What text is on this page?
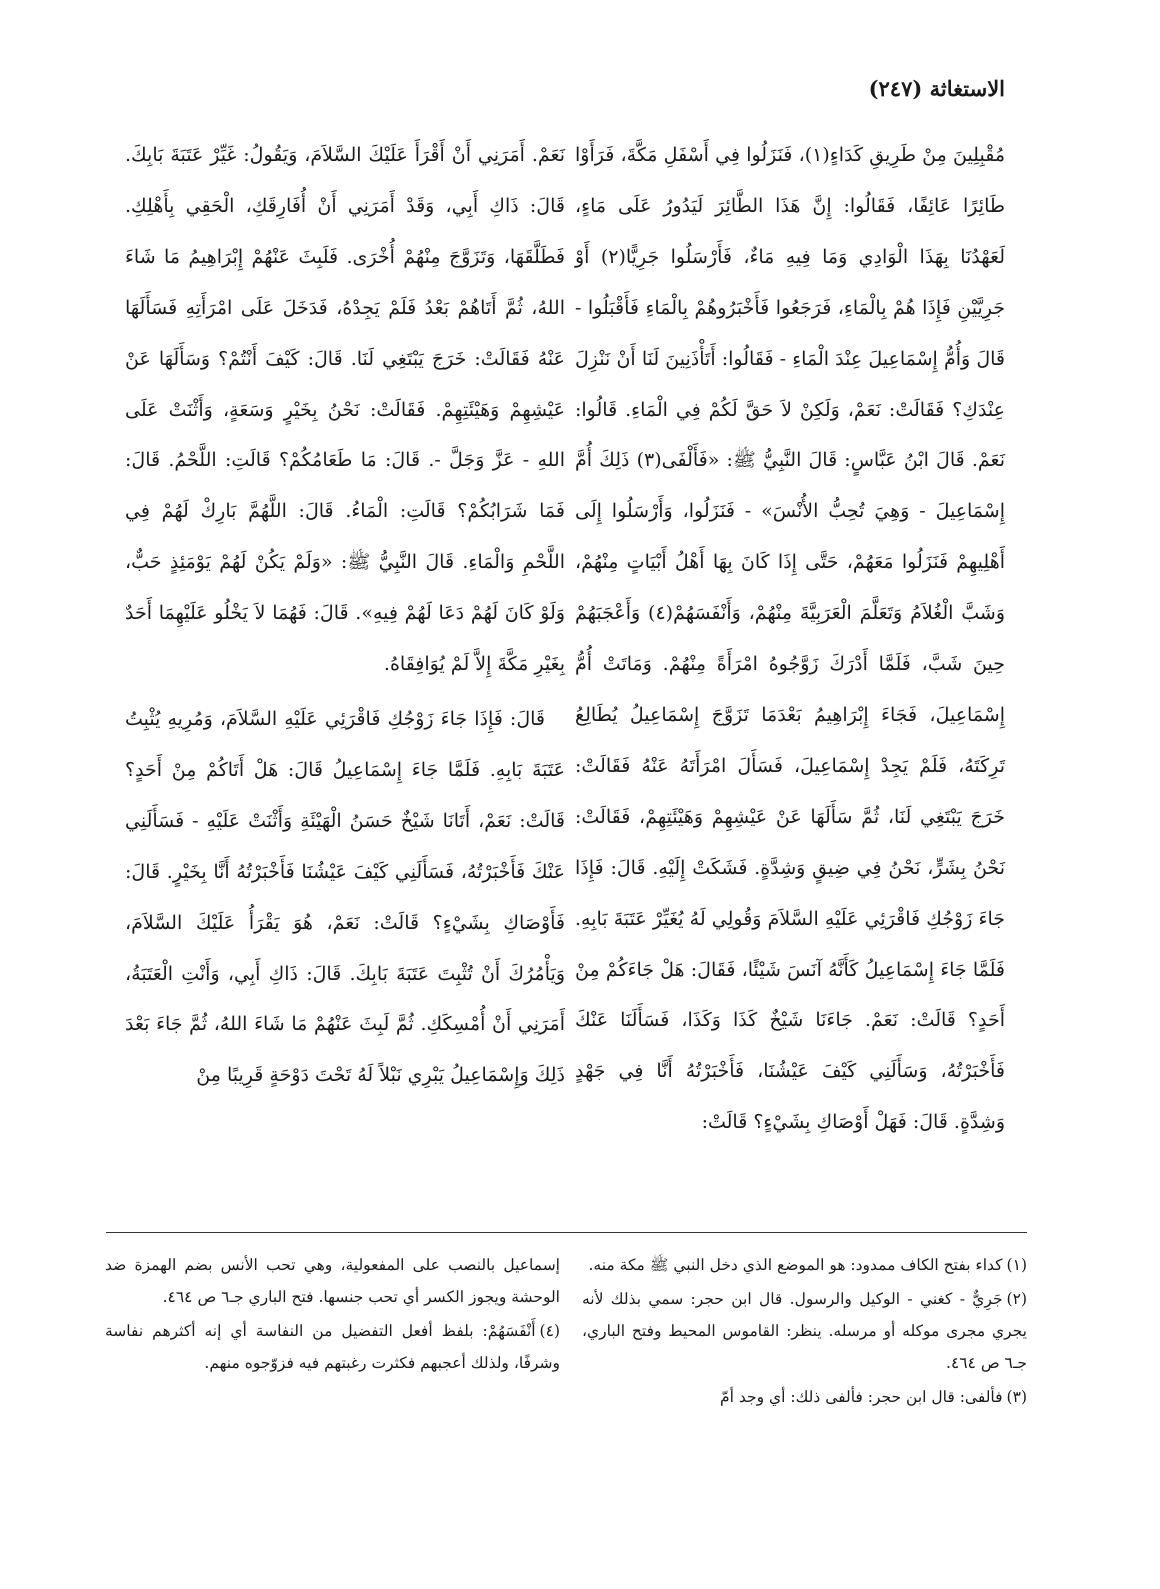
الاستغاثة (٢٤٧)

مُقْبِلِينَ مِنْ طَرِيقِ كَدَاءٍ(١)، فَنَزَلُوا فِي أَسْفَلِ مَكَّةَ، فَرَأَوْا طَائِرًا عَائِفًا، فَقَالُوا: إِنَّ هَذَا الطَّائِرَ لَيَدُورُ عَلَى مَاءٍ، لَعَهْدُنَا بِهَذَا الْوَادِي وَمَا فِيهِ مَاءٌ، فَأَرْسَلُوا جَرِيًّا(٢) أَوْ جَرِيَّيْنِ فَإِذَا هُمْ بِالْمَاءِ، فَرَجَعُوا فَأَخْبَرُوهُمْ بِالْمَاءِ فَأَقْبَلُوا - قَالَ وَأُمُّ إِسْمَاعِيلَ عِنْدَ الْمَاءِ - فَقَالُوا: أَتَأْذَنِينَ لَنَا أَنْ نَنْزِلَ عِنْدَكِ؟ فَقَالَتْ: نَعَمْ، وَلَكِنْ لاَ حَقَّ لَكُمْ فِي الْمَاءِ. قَالُوا: نَعَمْ. قَالَ ابْنُ عَبَّاسٍ: قَالَ النَّبِيُّ ﷺ: «فَأَلْفَى(٣) ذَلِكَ أُمَّ إِسْمَاعِيلَ - وَهِيَ تُحِبُّ الأُنْسَ» - فَنَزَلُوا، وَأَرْسَلُوا إِلَى أَهْلِيهِمْ فَنَزَلُوا مَعَهُمْ، حَتَّى إِذَا كَانَ بِهَا أَهْلُ أَبْيَاتٍ مِنْهُمْ، وَشَبَّ الْغُلاَمُ وَتَعَلَّمَ الْعَرَبِيَّةَ مِنْهُمْ، وَأَنْفَسَهُمْ(٤) وَأَعْجَبَهُمْ حِينَ شَبَّ، فَلَمَّا أَدْرَكَ زَوَّجُوهُ امْرَأَةً مِنْهُمْ. وَمَاتَتْ أُمُّ إِسْمَاعِيلَ، فَجَاءَ إِبْرَاهِيمُ بَعْدَمَا تَزَوَّجَ إِسْمَاعِيلُ يُطَالِعُ تَرِكَتَهُ، فَلَمْ يَجِدْ إِسْمَاعِيلَ، فَسَأَلَ امْرَأَتَهُ عَنْهُ فَقَالَتْ: خَرَجَ يَبْتَغِي لَنَا، ثُمَّ سَأَلَهَا عَنْ عَيْشِهِمْ وَهَيْئَتِهِمْ، فَقَالَتْ: نَحْنُ بِشَرٍّ، نَحْنُ فِي ضِيقٍ وَشِدَّةٍ. فَشَكَتْ إِلَيْهِ. قَالَ: فَإِذَا جَاءَ زَوْجُكِ فَاقْرَئِي عَلَيْهِ السَّلاَمَ وَقُولِي لَهُ يُغَيِّرْ عَتَبَةَ بَابِهِ. فَلَمَّا جَاءَ إِسْمَاعِيلُ كَأَنَّهُ آنَسَ شَيْئًا، فَقَالَ: هَلْ جَاءَكُمْ مِنْ أَحَدٍ؟ قَالَتْ: نَعَمْ. جَاءَنَا شَيْخٌ كَذَا وَكَذَا، فَسَأَلَنَا عَنْكَ فَأَخْبَرْتُهُ، وَسَأَلَنِي كَيْفَ عَيْشُنَا، فَأَخْبَرْتُهُ أَنَّا فِي جَهْدٍ وَشِدَّةٍ. قَالَ: فَهَلْ أَوْصَاكِ بِشَيْءٍ؟ قَالَتْ:

نَعَمْ. أَمَرَنِي أَنْ أَقْرَأَ عَلَيْكَ السَّلاَمَ، وَيَقُولُ: غَيِّرْ عَتَبَةَ بَابِكَ. قَالَ: ذَاكِ أَبِي، وَقَدْ أَمَرَنِي أَنْ أُفَارِقَكِ، الْحَقِي بِأَهْلِكِ. فَطَلَّقَهَا، وَتَزَوَّجَ مِنْهُمْ أُخْرَى. فَلَبِثَ عَنْهُمْ إِبْرَاهِيمُ مَا شَاءَ اللهُ، ثُمَّ أَتَاهُمْ بَعْدُ فَلَمْ يَجِدْهُ، فَدَخَلَ عَلَى امْرَأَتِهِ فَسَأَلَهَا عَنْهُ فَقَالَتْ: خَرَجَ يَبْتَغِي لَنَا. قَالَ: كَيْفَ أَنْتُمْ؟ وَسَأَلَهَا عَنْ عَيْشِهِمْ وَهَيْئَتِهِمْ. فَقَالَتْ: نَحْنُ بِخَيْرٍ وَسَعَةٍ، وَأَثْنَتْ عَلَى اللهِ - عَزَّ وَجَلَّ -. قَالَ: مَا طَعَامُكُمْ؟ قَالَتِ: اللَّحْمُ. قَالَ: فَمَا شَرَابُكُمْ؟ قَالَتِ: الْمَاءُ. قَالَ: اللَّهُمَّ بَارِكْ لَهُمْ فِي اللَّحْمِ وَالْمَاءِ. قَالَ النَّبِيُّ ﷺ: «وَلَمْ يَكُنْ لَهُمْ يَوْمَئِذٍ حَبٌّ، وَلَوْ كَانَ لَهُمْ دَعَا لَهُمْ فِيهِ». قَالَ: فَهُمَا لاَ يَخْلُو عَلَيْهِمَا أَحَدٌ بِغَيْرِ مَكَّةَ إِلاَّ لَمْ يُوَافِقَاهُ.

قَالَ: فَإِذَا جَاءَ زَوْجُكِ فَاقْرَئِي عَلَيْهِ السَّلاَمَ، وَمُرِيهِ يُثْبِتُ عَتَبَةَ بَابِهِ. فَلَمَّا جَاءَ إِسْمَاعِيلُ قَالَ: هَلْ أَتَاكُمْ مِنْ أَحَدٍ؟ قَالَتْ: نَعَمْ، أَتَانَا شَيْخٌ حَسَنُ الْهَيْئَةِ وَأَثْنَتْ عَلَيْهِ - فَسَأَلَنِي عَنْكَ فَأَخْبَرْتُهُ، فَسَأَلَنِي كَيْفَ عَيْشُنَا فَأَخْبَرْتُهُ أَنَّا بِخَيْرٍ. قَالَ: فَأَوْصَاكِ بِشَيْءٍ؟ قَالَتْ: نَعَمْ، هُوَ يَقْرَأُ عَلَيْكَ السَّلاَمَ، وَيَأْمُرُكَ أَنْ تُثْبِتَ عَتَبَةَ بَابِكَ. قَالَ: ذَاكِ أَبِي، وَأَنْتِ الْعَتَبَةُ، أَمَرَنِي أَنْ أُمْسِكَكِ. ثُمَّ لَبِثَ عَنْهُمْ مَا شَاءَ اللهُ، ثُمَّ جَاءَ بَعْدَ ذَلِكَ وَإِسْمَاعِيلُ يَبْرِي نَبْلاً لَهُ تَحْتَ دَوْحَةٍ قَرِيبًا مِنْ

(١)كداء بفتح الكاف ممدود: هو الموضع الذي دخل النبي ﷺ مكة منه.

(٢)جَرِيٌّ - كغني - الوكيل والرسول. قال ابن حجر: سمي بذلك لأنه يجري مجرى موكله أو مرسله. ينظر: القاموس المحيط وفتح الباري، جـ٦ ص ٤٦٤.

(٣)فألفى: قال ابن حجر: فألفى ذلك: أي وجد أمّ

إسماعيل بالنصب على المفعولية، وهي تحب الأنس بضم الهمزة ضد الوحشة ويجوز الكسر أي تحب جنسها. فتح الباري جـ٦ ص ٤٦٤.

(٤)أَنْفَسَهُمْ: بلفظ أفعل التفضيل من النفاسة أي إنه أكثرهم نفاسة وشرفًا، ولذلك أعجبهم فكثرت رغبتهم فيه فزوّجوه منهم.
